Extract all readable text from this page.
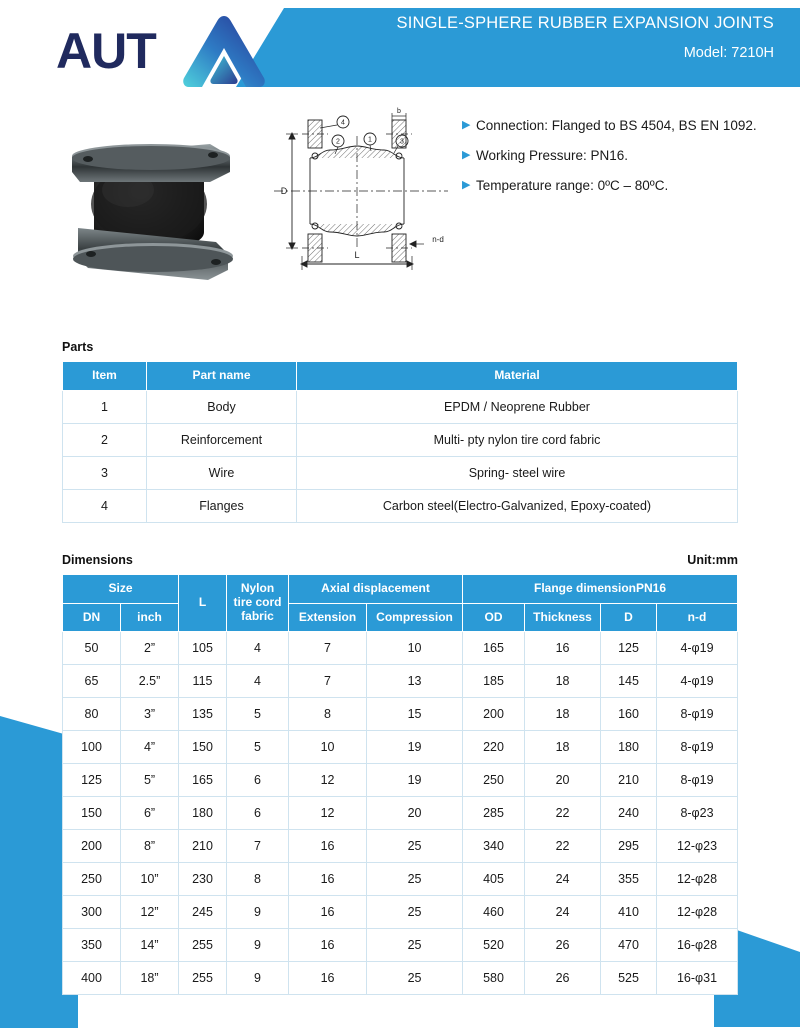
AUT	SINGLE-SPHERE RUBBER EXPANSION JOINTS
Model: 7210H
4
2	1	3
D
L
b
n-d
▶ Connection: Flanged to BS 4504, BS EN 1092.
▶ Working Pressure: PN16.
▶ Temperature range: 0ºC – 80ºC.
Parts
Item	Part name	Material
1	Body	EPDM / Neoprene Rubber
2	Reinforcement	Multi- pty nylon tire cord fabric
3	Wire	Spring- steel wire
4	Flanges	Carbon steel(Electro-Galvanized, Epoxy-coated)
Dimensions	Unit:mm
Size		L	Nylon tire cord fabric	Axial displacement		Flange dimensionPN16			
DN	inch			Extension	Compression	OD	Thickness	D	n-d
50	2”	105	4	7	10	165	16	125	4-φ19
65	2.5”	115	4	7	13	185	18	145	4-φ19
80	3”	135	5	8	15	200	18	160	8-φ19
100	4”	150	5	10	19	220	18	180	8-φ19
125	5”	165	6	12	19	250	20	210	8-φ19
150	6”	180	6	12	20	285	22	240	8-φ23
200	8”	210	7	16	25	340	22	295	12-φ23
250	10”	230	8	16	25	405	24	355	12-φ28
300	12”	245	9	16	25	460	24	410	12-φ28
350	14”	255	9	16	25	520	26	470	16-φ28
400	18”	255	9	16	25	580	26	525	16-φ31
